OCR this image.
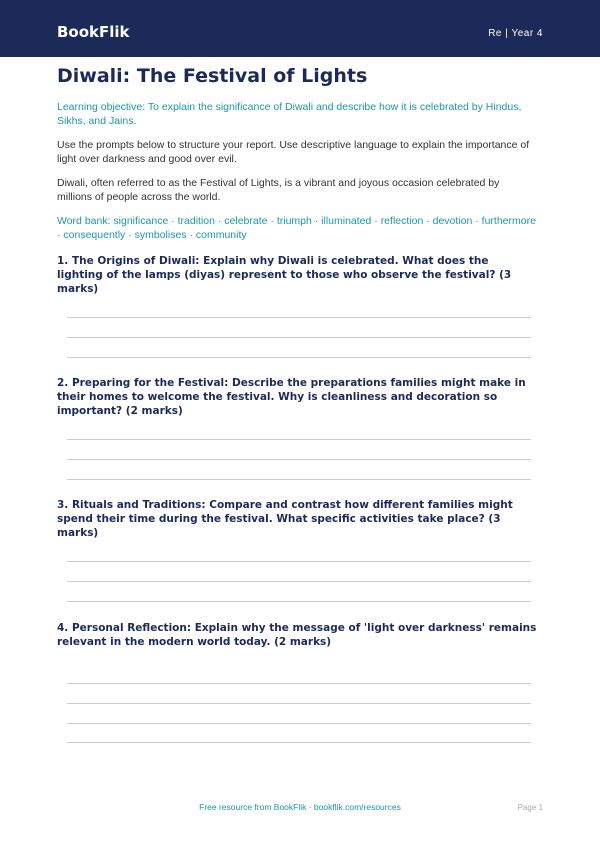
BookFlik	Re | Year 4
Diwali: The Festival of Lights
Learning objective: To explain the significance of Diwali and describe how it is celebrated by Hindus, Sikhs, and Jains.
Use the prompts below to structure your report. Use descriptive language to explain the importance of light over darkness and good over evil.
Diwali, often referred to as the Festival of Lights, is a vibrant and joyous occasion celebrated by millions of people across the world.
Word bank: significance · tradition · celebrate · triumph · illuminated · reflection · devotion · furthermore · consequently · symbolises · community
1. The Origins of Diwali: Explain why Diwali is celebrated. What does the lighting of the lamps (diyas) represent to those who observe the festival? (3 marks)
2. Preparing for the Festival: Describe the preparations families might make in their homes to welcome the festival. Why is cleanliness and decoration so important? (2 marks)
3. Rituals and Traditions: Compare and contrast how different families might spend their time during the festival. What specific activities take place? (3 marks)
4. Personal Reflection: Explain why the message of 'light over darkness' remains relevant in the modern world today. (2 marks)
Free resource from BookFlik · bookflik.com/resources	Page 1
